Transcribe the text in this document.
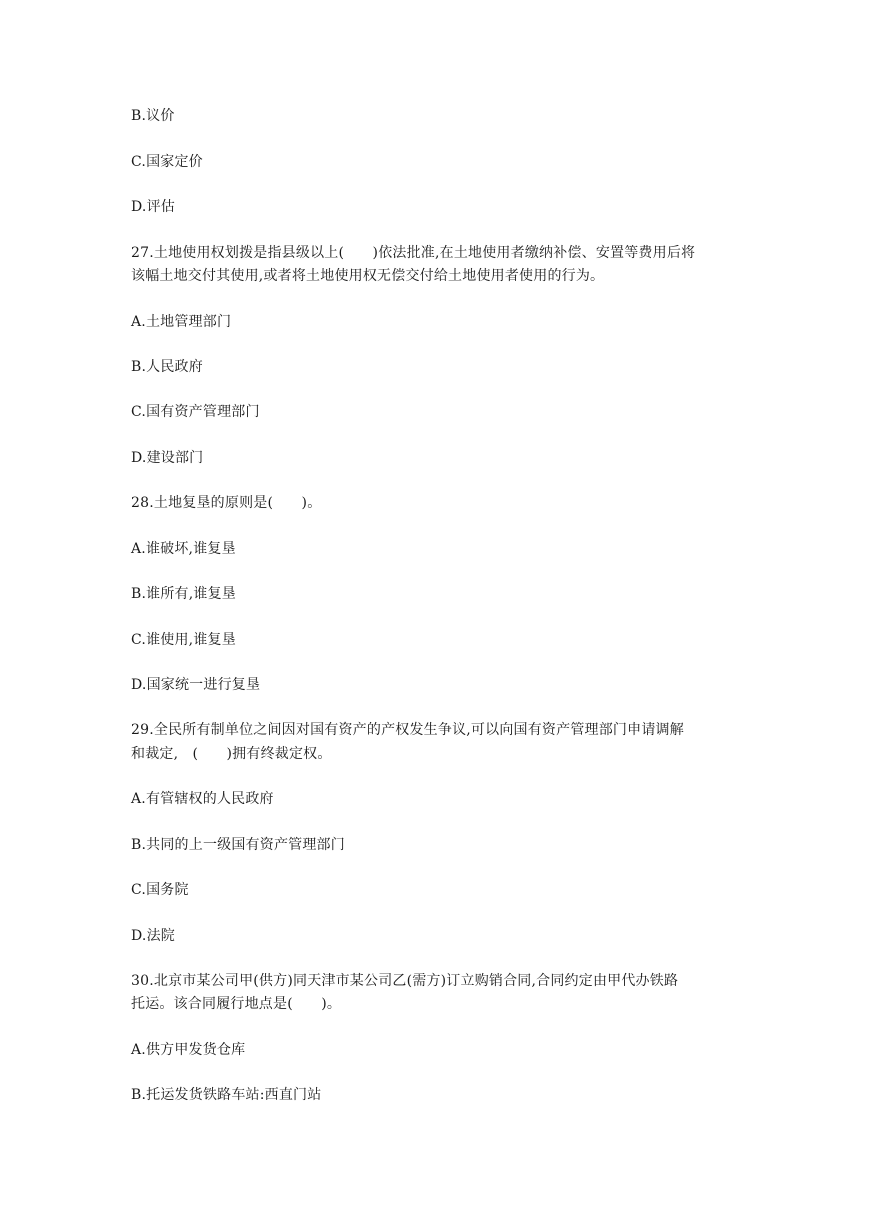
B.议价
C.国家定价
D.评估
27.土地使用权划拨是指县级以上(　　)依法批准,在土地使用者缴纳补偿、安置等费用后将
该幅土地交付其使用,或者将土地使用权无偿交付给土地使用者使用的行为。
A.土地管理部门
B.人民政府
C.国有资产管理部门
D.建设部门
28.土地复垦的原则是(　　)。
A.谁破坏,谁复垦
B.谁所有,谁复垦
C.谁使用,谁复垦
D.国家统一进行复垦
29.全民所有制单位之间因对国有资产的产权发生争议,可以向国有资产管理部门申请调解
和裁定,　(　　)拥有终裁定权。
A.有管辖权的人民政府
B.共同的上一级国有资产管理部门
C.国务院
D.法院
30.北京市某公司甲(供方)同天津市某公司乙(需方)订立购销合同,合同约定由甲代办铁路
托运。该合同履行地点是(　　)。
A.供方甲发货仓库
B.托运发货铁路车站:西直门站
